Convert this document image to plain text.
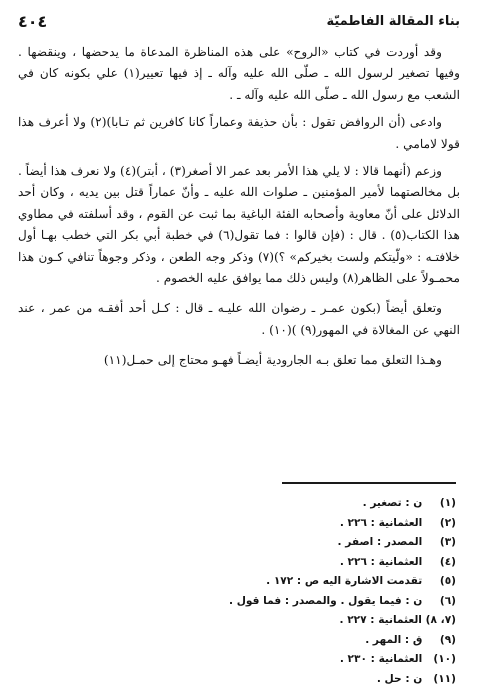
بناء المقالة الفاطميّة
٤٠٤

وقد أوردت في كتاب «الروح» على هذه المناظرة المدعاة ما يدحضها ، وينقضها . وفيها تصغير لرسول الله ـ صلّى الله عليه وآله ـ إذ فيها تعيير(١) علي بكونه كان في الشعب مع رسول الله ـ صلّى الله عليه وآله ـ .

وادعى (أن الروافض تقول : بأن حذيفة وعماراً كانا كافرين ثم تـابا)(٢) ولا أعرف هذا قولا لامامي .

وزعم (أنهما قالا : لا يلي هذا الأمر بعد عمر الا أصغر(٣) ، أبتر)(٤) ولا نعرف هذا أيضاً . بل مخالصتهما لأمير المؤمنين ـ صلوات الله عليه ـ وأنّ عماراً قتل بين يديه ، وكان أحد الدلائل على أنّ معاوية وأصحابه الفئة الباغية بما ثبت عن القوم ، وقد أسلفته في مطاوي هذا الكتاب(٥) . قال : (فإن قالوا : فما تقول(٦) في خطبة أبي بكر التي خطب بهـا أول خلافتـه : «ولّيتكم ولست بخيركم» ؟)(٧) وذكر وجه الطعن ، وذكر وجوهاً تنافي كـون هذا محمـولاً على الظاهر(٨) وليس ذلك مما يوافق عليه الخصوم .

وتعلق أيضاً (بكون عمـر ـ رضوان الله عليـه ـ قال : كـل أحد أفقـه من عمر ، عند النهي عن المغالاة في المهور(٩) )(١٠) .

وهـذا التعلق مما تعلق بـه الجارودية أيضـاً فهـو محتاج إلى حمـل(١١)

(١) ن : تصغير .
(٢) العثمانية : ٢٢٦ .
(٣) المصدر : اصفر .
(٤) العثمانية : ٢٢٦ .
(٥) تقدمت الاشارة اليه ص : ١٧٢ .
(٦) ن : فيما يقول . والمصدر : فما قول .
(٧، ٨) العثمانية : ٢٢٧ .
(٩) ق : المهر .
(١٠) العثمانية : ٢٣٠ .
(١١) ن : حل .
